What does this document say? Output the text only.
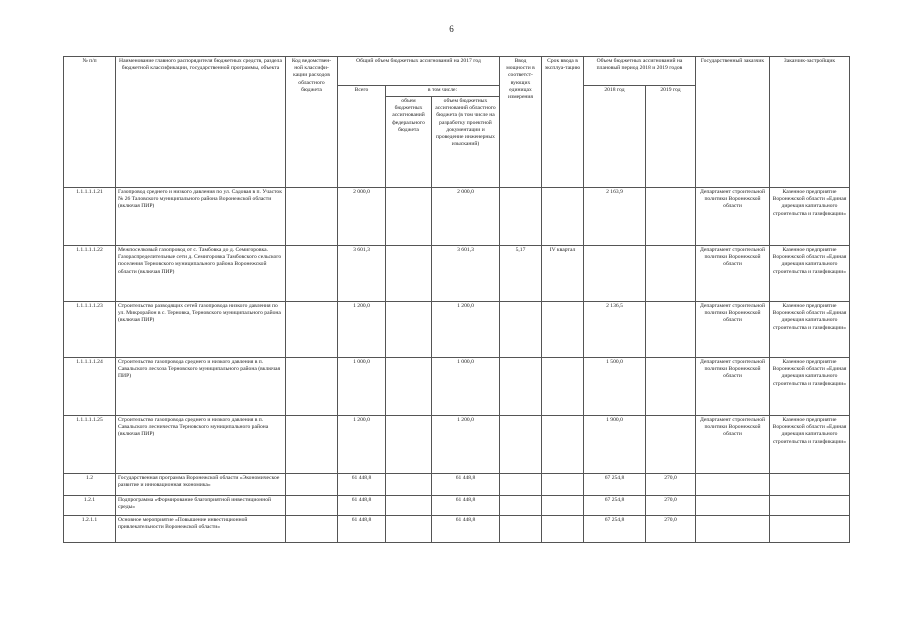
6
№ п/п	Наименование главного распорядителя бюджетных средств, раздела бюджетной классификации, государственной программы, объекта	Код ведомствен-ной классифи-кации расходов областного бюджета	Общий объем бюджетных ассигнований на 2017 год			Ввод мощности в соответст-вующих единицах измерения	Срок ввода в эксплуа-тацию	Объем бюджетных ассигнований на плановый период 2018 и 2019 годов		Государственный заказчик	Заказчик-застройщик
			Всего	в том числе:				2018 год	2019 год		
				объем бюджетных ассигнований федерального бюджета	объем бюджетных ассигнований областного бюджета (в том числе на разработку проектной документации и проведение инженерных изысканий)						
1.1.1.1.1.21	Газопровод среднего и низкого давления по ул. Садовая в п. Участок № 26 Таловского муниципального района Воронежской области (включая ПИР)		2 000,0		2 000,0			2 163,9		Департамент строительной политики Воронежской области	Казенное предприятие Воронежской области «Единая дирекция капитального строительства и газификации»
1.1.1.1.1.22	Межпоселковый газопровод от с. Тамбовка до д. Семигоровка. Газораспределительные сети д. Семигоровка Тамбовского сельского поселения Терновского муниципального района Воронежской области (включая ПИР)		3 601,3		3 601,3	5,17	IV квартал			Департамент строительной политики Воронежской области	Казенное предприятие Воронежской области «Единая дирекция капитального строительства и газификации»
1.1.1.1.1.23	Строительство разводящих сетей газопровода низкого давления по ул. Микрорайон в с. Терновка, Терновского муниципального района (включая ПИР)		1 200,0		1 200,0			2 136,5		Департамент строительной политики Воронежской области	Казенное предприятие Воронежской области «Единая дирекция капитального строительства и газификации»
1.1.1.1.1.24	Строительство газопровода среднего и низкого давления в п. Савальского лесхоза Терновского муниципального района (включая ПИР)		1 000,0		1 000,0			1 500,0		Департамент строительной политики Воронежской области	Казенное предприятие Воронежской области «Единая дирекция капитального строительства и газификации»
1.1.1.1.1.25	Строительство газопровода среднего и низкого давления в п. Савальского лесничества Терновского муниципального района (включая ПИР)		1 200,0		1 200,0			1 900,0		Департамент строительной политики Воронежской области	Казенное предприятие Воронежской области «Единая дирекция капитального строительства и газификации»
1.2	Государственная программа Воронежской области «Экономическое развитие и инновационная экономика»		61 448,8		61 448,8			67 254,8	270,0		
1.2.1	Подпрограмма «Формирование благоприятной инвестиционной среды»		61 448,8		61 448,8			67 254,8	270,0		
1.2.1.1	Основное мероприятие «Повышение инвестиционной привлекательности Воронежской области»		61 448,8		61 448,8			67 254,8	270,0		
